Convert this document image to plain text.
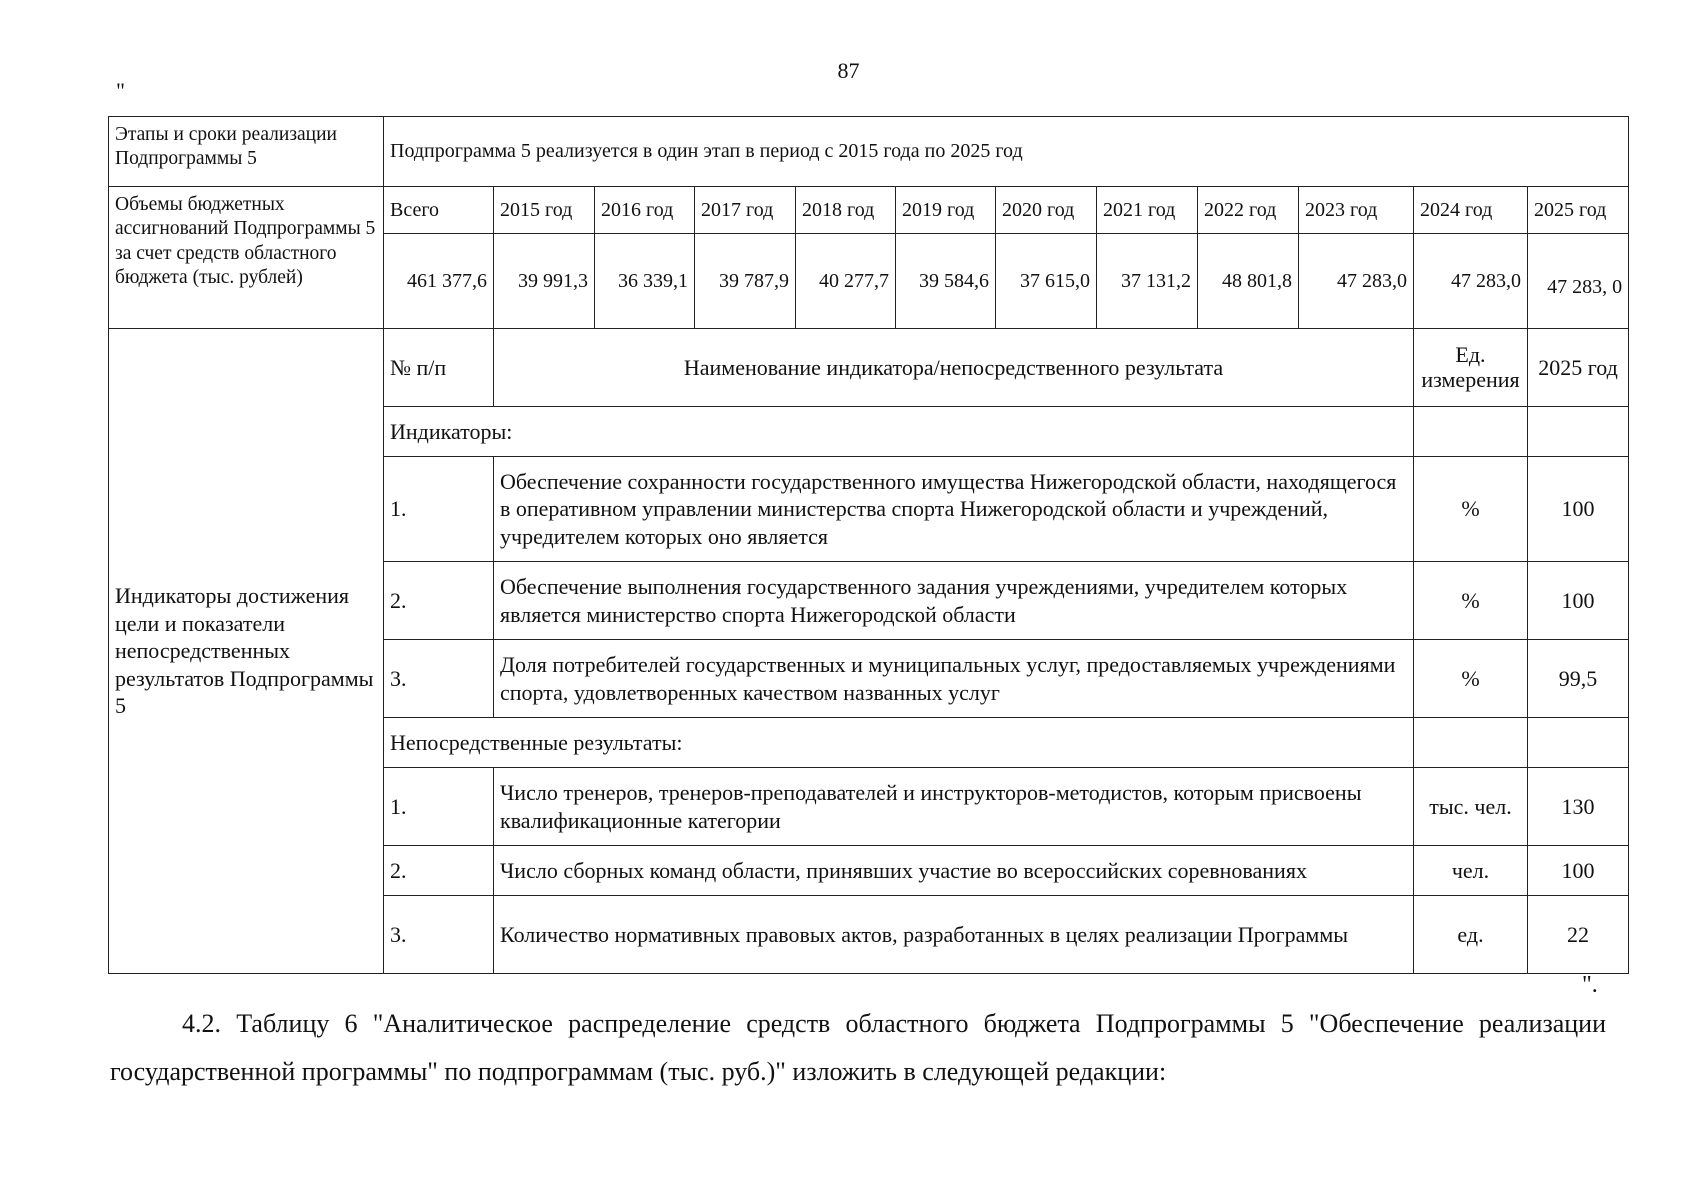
87
"
Этапы и сроки реализации Подпрограммы 5	Подпрограмма 5 реализуется в один этап в период с 2015 года по 2025 год											
Объемы бюджетных ассигнований Подпрограммы 5 за счет средств областного бюджета (тыс. рублей)	Всего	2015 год	2016 год	2017 год	2018 год	2019 год	2020 год	2021 год	2022 год	2023 год	2024 год	2025 год
	461 377,6	39 991,3	36 339,1	39 787,9	40 277,7	39 584,6	37 615,0	37 131,2	48 801,8	47 283,0	47 283,0	47 283, 0
Индикаторы достижения цели и показатели непосредственных результатов Подпрограммы 5	№ п/п	Наименование индикатора/непосредственного результата									Ед. измерения	2025 год
	Индикаторы:											
	1.	Обеспечение сохранности государственного имущества Нижегородской области, находящегося в оперативном управлении министерства спорта Нижегородской области и учреждений, учредителем которых оно является									%	100
	2.	Обеспечение выполнения государственного задания учреждениями, учредителем которых является министерство спорта Нижегородской области									%	100
	3.	Доля потребителей государственных и муниципальных услуг, предоставляемых учреждениями спорта, удовлетворенных качеством названных услуг									%	99,5
	Непосредственные результаты:											
	1.	Число тренеров, тренеров-преподавателей и инструкторов-методистов, которым присвоены квалификационные категории									тыс. чел.	130
	2.	Число сборных команд области, принявших участие во всероссийских соревнованиях									чел.	100
	3.	Количество нормативных правовых актов, разработанных в целях реализации Программы									ед.	22
".
4.2. Таблицу 6 "Аналитическое распределение средств областного бюджета Подпрограммы 5 "Обеспечение реализации государственной программы" по подпрограммам (тыс. руб.)" изложить в следующей редакции:
